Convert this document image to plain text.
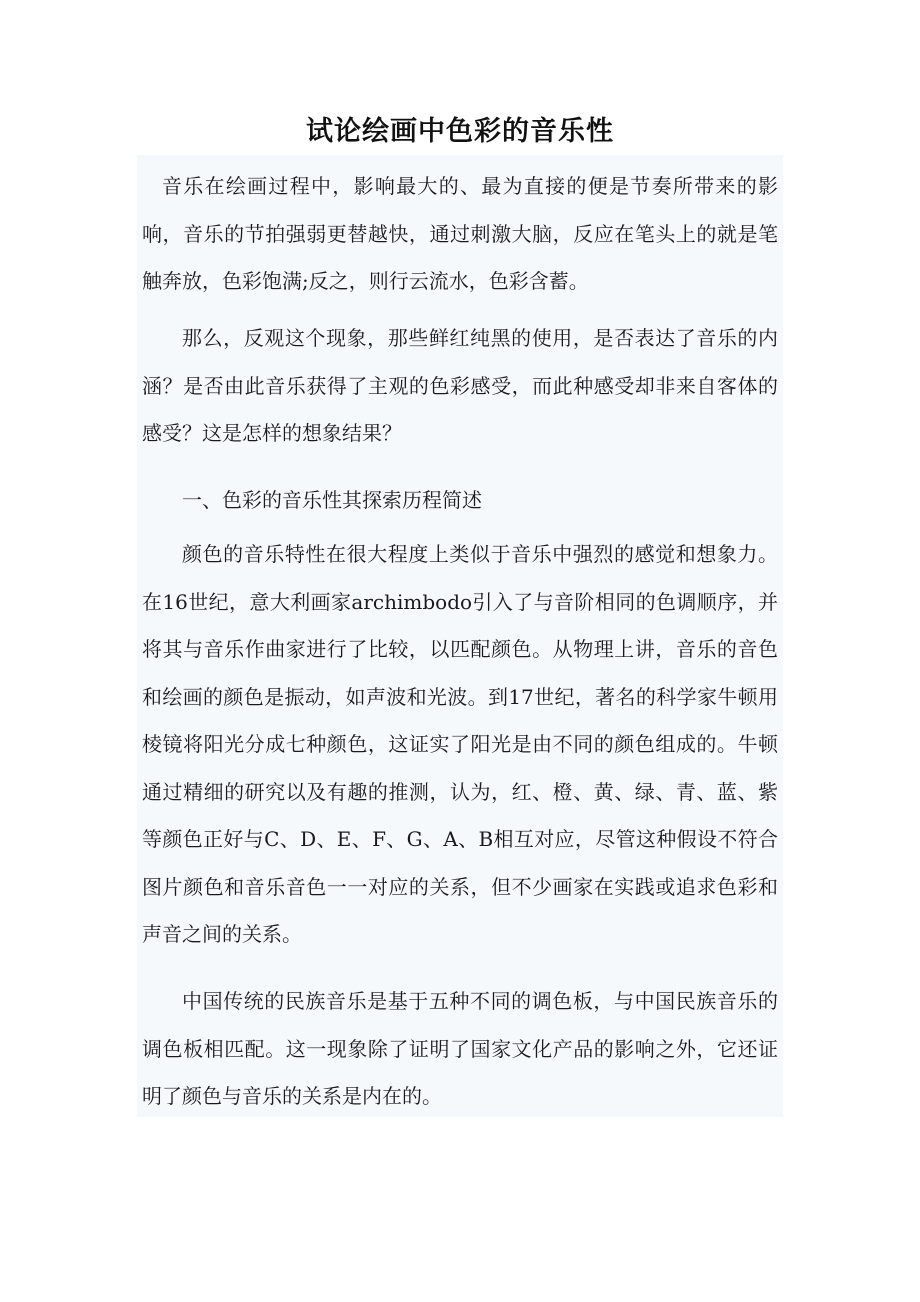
试论绘画中色彩的音乐性
音乐在绘画过程中，影响最大的、最为直接的便是节奏所带来的影响，音乐的节拍强弱更替越快，通过刺激大脑，反应在笔头上的就是笔触奔放，色彩饱满;反之，则行云流水，色彩含蓄。
那么，反观这个现象，那些鲜红纯黑的使用，是否表达了音乐的内涵？是否由此音乐获得了主观的色彩感受，而此种感受却非来自客体的感受？这是怎样的想象结果？
一、色彩的音乐性其探索历程简述
颜色的音乐特性在很大程度上类似于音乐中强烈的感觉和想象力。在16世纪，意大利画家archimbodo引入了与音阶相同的色调顺序，并将其与音乐作曲家进行了比较，以匹配颜色。从物理上讲，音乐的音色和绘画的颜色是振动，如声波和光波。到17世纪，著名的科学家牛顿用棱镜将阳光分成七种颜色，这证实了阳光是由不同的颜色组成的。牛顿通过精细的研究以及有趣的推测，认为，红、橙、黄、绿、青、蓝、紫等颜色正好与C、D、E、F、G、A、B相互对应，尽管这种假设不符合图片颜色和音乐音色一一对应的关系，但不少画家在实践或追求色彩和声音之间的关系。
中国传统的民族音乐是基于五种不同的调色板，与中国民族音乐的调色板相匹配。这一现象除了证明了国家文化产品的影响之外，它还证明了颜色与音乐的关系是内在的。
